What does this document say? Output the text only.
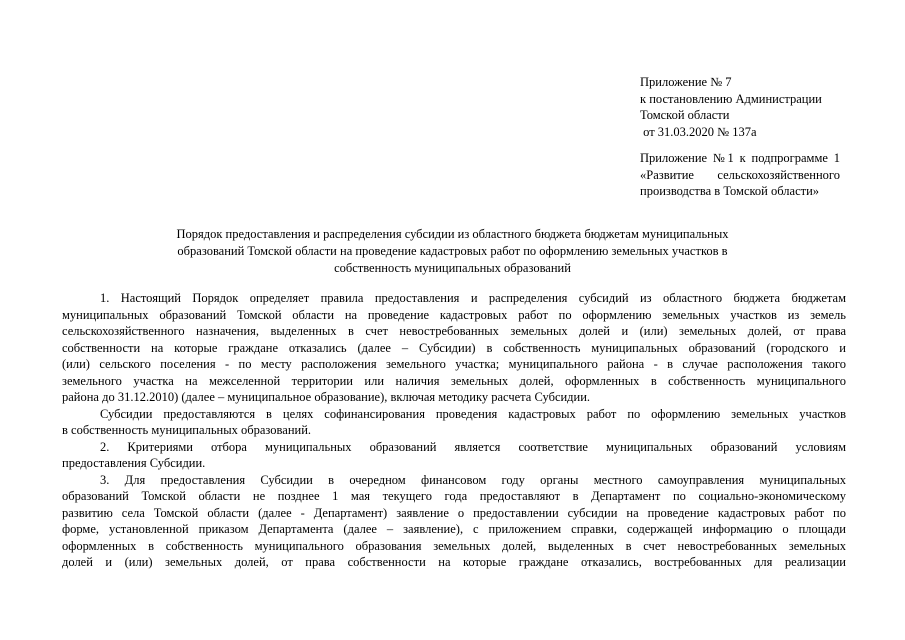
Приложение № 7
к постановлению Администрации
Томской области
от 31.03.2020 № 137а
Приложение №1 к подпрограмме 1
«Развитие сельскохозяйственного
производства в Томской области»
Порядок предоставления и распределения субсидии из областного бюджета бюджетам муниципальных
образований Томской области на проведение кадастровых работ по оформлению земельных участков в
собственность муниципальных образований
1. Настоящий Порядок определяет правила предоставления и распределения субсидий из областного бюджета бюджетам
муниципальных образований Томской области на проведение кадастровых работ по оформлению земельных участков из земель
сельскохозяйственного назначения, выделенных в счет невостребованных земельных долей и (или) земельных долей, от права
собственности на которые граждане отказались (далее – Субсидии) в собственность муниципальных образований (городского и
(или) сельского поселения - по месту расположения земельного участка; муниципального района - в случае расположения такого
земельного участка на межселенной территории или наличия земельных долей, оформленных в собственность муниципального
района до 31.12.2010) (далее – муниципальное образование), включая методику расчета Субсидии.
Субсидии предоставляются в целях софинансирования проведения кадастровых работ по оформлению земельных участков
в собственность муниципальных образований.
2. Критериями отбора муниципальных образований является соответствие муниципальных образований условиям
предоставления Субсидии.
3. Для предоставления Субсидии в очередном финансовом году органы местного самоуправления муниципальных
образований Томской области не позднее 1 мая текущего года предоставляют в Департамент по социально-экономическому
развитию села Томской области (далее - Департамент) заявление о предоставлении субсидии на проведение кадастровых работ по
форме, установленной приказом Департамента (далее – заявление), с приложением справки, содержащей информацию о площади
оформленных в собственность муниципального образования земельных долей, выделенных в счет невостребованных земельных
долей и (или) земельных долей, от права собственности на которые граждане отказались, востребованных для реализации
